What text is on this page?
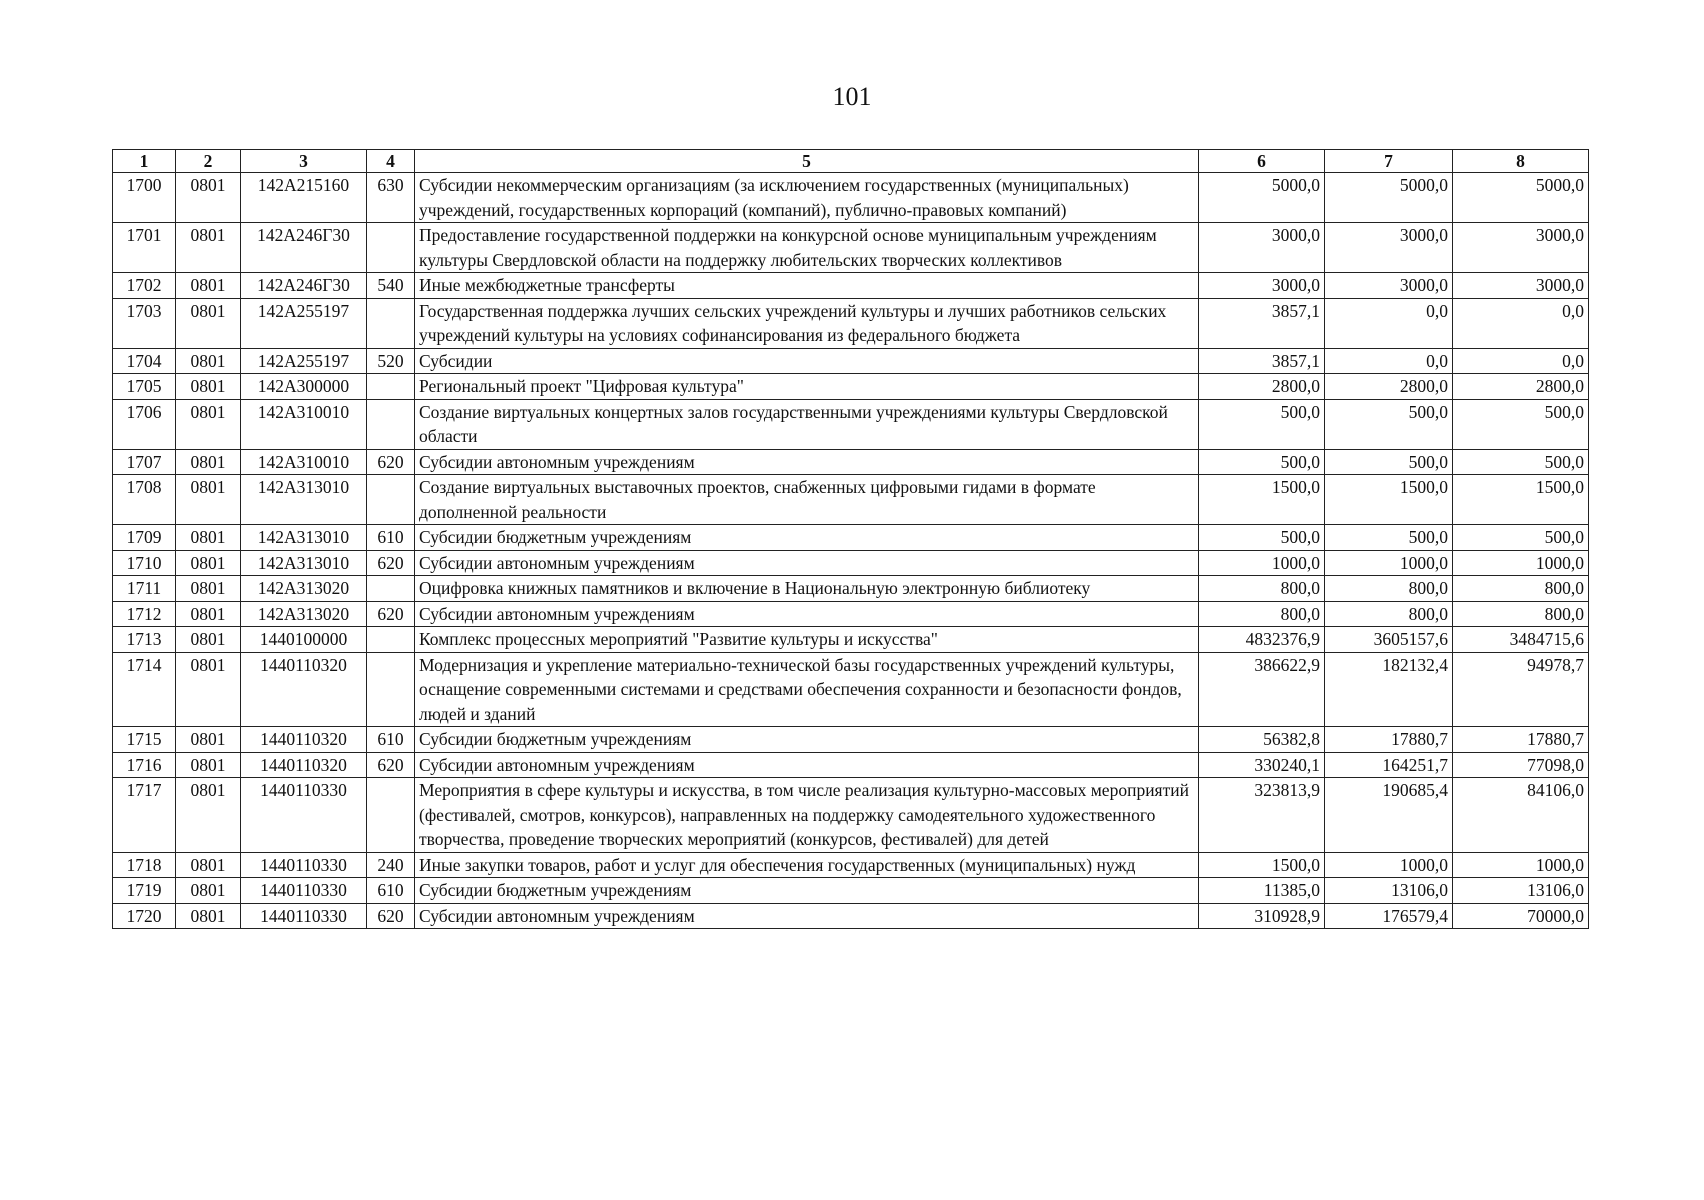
101
1	2	3	4	5	6	7	8
1700	0801	142A215160	630	Субсидии некоммерческим организациям (за исключением государственных (муниципальных) учреждений, государственных корпораций (компаний), публично-правовых компаний)	5000,0	5000,0	5000,0
1701	0801	142A246Г30		Предоставление государственной поддержки на конкурсной основе муниципальным учреждениям культуры Свердловской области на поддержку любительских творческих коллективов	3000,0	3000,0	3000,0
1702	0801	142A246Г30	540	Иные межбюджетные трансферты	3000,0	3000,0	3000,0
1703	0801	142A255197		Государственная поддержка лучших сельских учреждений культуры и лучших работников сельских учреждений культуры на условиях софинансирования из федерального бюджета	3857,1	0,0	0,0
1704	0801	142A255197	520	Субсидии	3857,1	0,0	0,0
1705	0801	142A300000		Региональный проект "Цифровая культура"	2800,0	2800,0	2800,0
1706	0801	142A310010		Создание виртуальных концертных залов государственными учреждениями культуры Свердловской области	500,0	500,0	500,0
1707	0801	142A310010	620	Субсидии автономным учреждениям	500,0	500,0	500,0
1708	0801	142A313010		Создание виртуальных выставочных проектов, снабженных цифровыми гидами в формате дополненной реальности	1500,0	1500,0	1500,0
1709	0801	142A313010	610	Субсидии бюджетным учреждениям	500,0	500,0	500,0
1710	0801	142A313010	620	Субсидии автономным учреждениям	1000,0	1000,0	1000,0
1711	0801	142A313020		Оцифровка книжных памятников и включение в Национальную электронную библиотеку	800,0	800,0	800,0
1712	0801	142A313020	620	Субсидии автономным учреждениям	800,0	800,0	800,0
1713	0801	1440100000		Комплекс процессных мероприятий "Развитие культуры и искусства"	4832376,9	3605157,6	3484715,6
1714	0801	1440110320		Модернизация и укрепление материально-технической базы государственных учреждений культуры, оснащение современными системами и средствами обеспечения сохранности и безопасности фондов, людей и зданий	386622,9	182132,4	94978,7
1715	0801	1440110320	610	Субсидии бюджетным учреждениям	56382,8	17880,7	17880,7
1716	0801	1440110320	620	Субсидии автономным учреждениям	330240,1	164251,7	77098,0
1717	0801	1440110330		Мероприятия в сфере культуры и искусства, в том числе реализация культурно-массовых мероприятий (фестивалей, смотров, конкурсов), направленных на поддержку самодеятельного художественного творчества, проведение творческих мероприятий (конкурсов, фестивалей) для детей	323813,9	190685,4	84106,0
1718	0801	1440110330	240	Иные закупки товаров, работ и услуг для обеспечения государственных (муниципальных) нужд	1500,0	1000,0	1000,0
1719	0801	1440110330	610	Субсидии бюджетным учреждениям	11385,0	13106,0	13106,0
1720	0801	1440110330	620	Субсидии автономным учреждениям	310928,9	176579,4	70000,0
